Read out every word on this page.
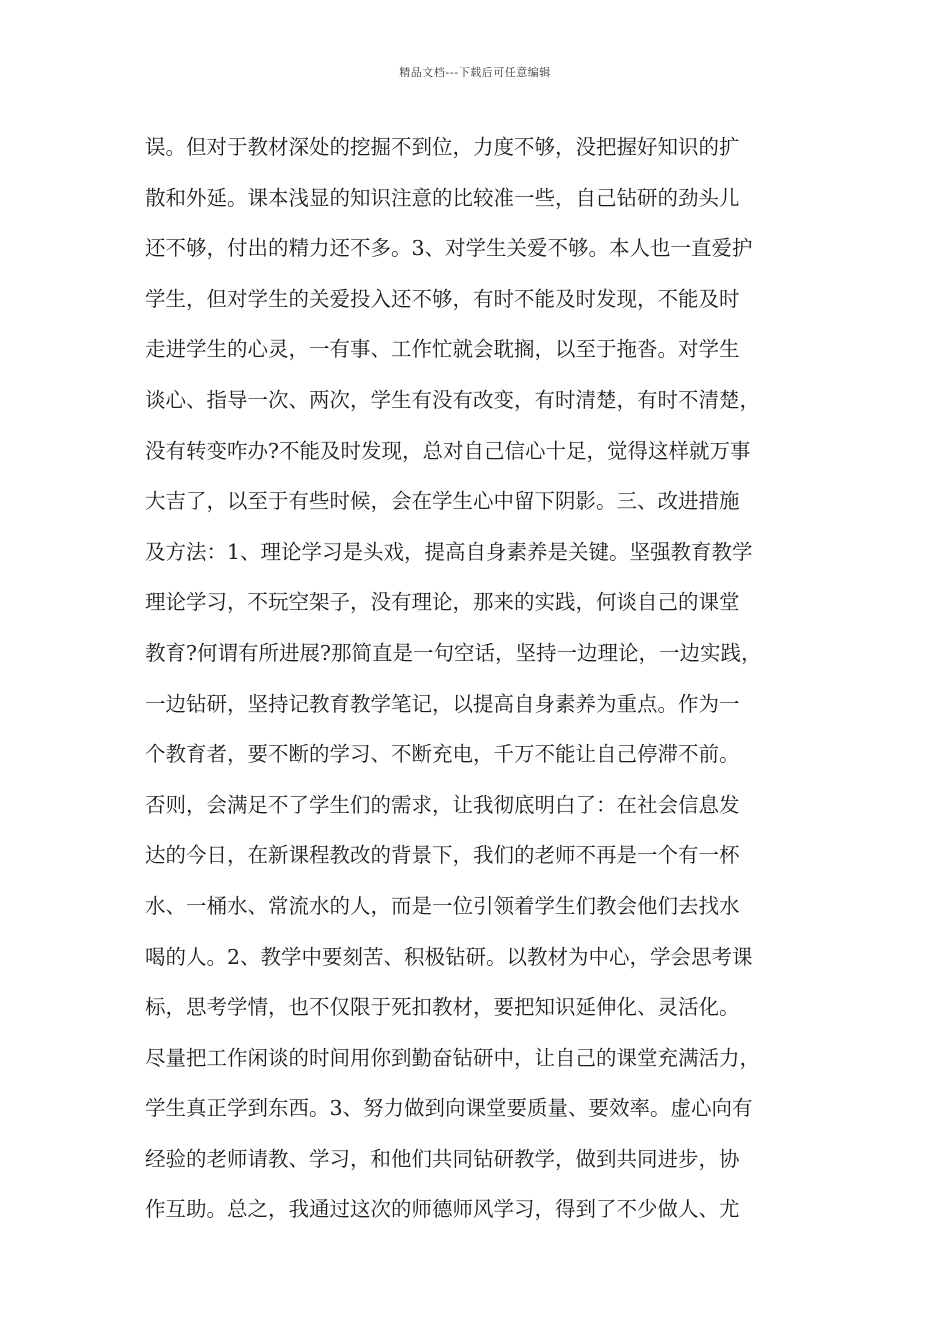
精品文档---下载后可任意编辑
误。但对于教材深处的挖掘不到位，力度不够，没把握好知识的扩
散和外延。课本浅显的知识注意的比较准一些，自己钻研的劲头儿
还不够，付出的精力还不多。3、对学生关爱不够。本人也一直爱护
学生，但对学生的关爱投入还不够，有时不能及时发现，不能及时
走进学生的心灵，一有事、工作忙就会耽搁，以至于拖沓。对学生
谈心、指导一次、两次，学生有没有改变，有时清楚，有时不清楚，
没有转变咋办?不能及时发现，总对自己信心十足，觉得这样就万事
大吉了，以至于有些时候，会在学生心中留下阴影。三、改进措施
及方法：1、理论学习是头戏，提高自身素养是关键。坚强教育教学
理论学习，不玩空架子，没有理论，那来的实践，何谈自己的课堂
教育?何谓有所进展?那简直是一句空话，坚持一边理论，一边实践，
一边钻研，坚持记教育教学笔记，以提高自身素养为重点。作为一
个教育者，要不断的学习、不断充电，千万不能让自己停滞不前。
否则，会满足不了学生们的需求，让我彻底明白了：在社会信息发
达的今日，在新课程教改的背景下，我们的老师不再是一个有一杯
水、一桶水、常流水的人，而是一位引领着学生们教会他们去找水
喝的人。2、教学中要刻苦、积极钻研。以教材为中心，学会思考课
标，思考学情，也不仅限于死扣教材，要把知识延伸化、灵活化。
尽量把工作闲谈的时间用你到勤奋钻研中，让自己的课堂充满活力，
学生真正学到东西。3、努力做到向课堂要质量、要效率。虚心向有
经验的老师请教、学习，和他们共同钻研教学，做到共同进步，协
作互助。总之，我通过这次的师德师风学习，得到了不少做人、尤
